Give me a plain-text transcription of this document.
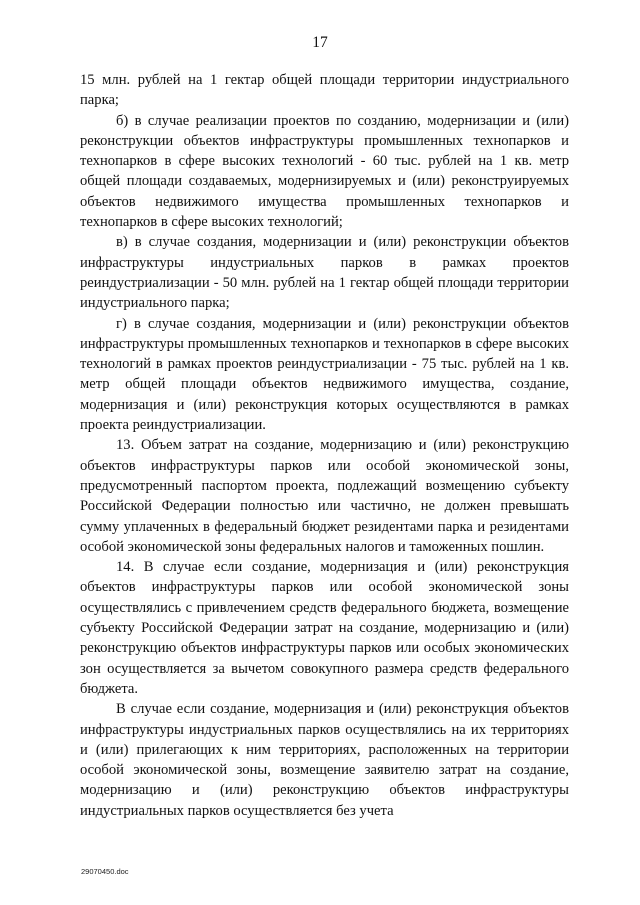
17

15 млн. рублей на 1 гектар общей площади территории индустриального парка;

б) в случае реализации проектов по созданию, модернизации и (или) реконструкции объектов инфраструктуры промышленных технопарков и технопарков в сфере высоких технологий - 60 тыс. рублей на 1 кв. метр общей площади создаваемых, модернизируемых и (или) реконструируемых объектов недвижимого имущества промышленных технопарков и технопарков в сфере высоких технологий;

в) в случае создания, модернизации и (или) реконструкции объектов инфраструктуры индустриальных парков в рамках проектов реиндустриализации - 50 млн. рублей на 1 гектар общей площади территории индустриального парка;

г) в случае создания, модернизации и (или) реконструкции объектов инфраструктуры промышленных технопарков и технопарков в сфере высоких технологий в рамках проектов реиндустриализации - 75 тыс. рублей на 1 кв. метр общей площади объектов недвижимого имущества, создание, модернизация и (или) реконструкция которых осуществляются в рамках проекта реиндустриализации.

13. Объем затрат на создание, модернизацию и (или) реконструкцию объектов инфраструктуры парков или особой экономической зоны, предусмотренный паспортом проекта, подлежащий возмещению субъекту Российской Федерации полностью или частично, не должен превышать сумму уплаченных в федеральный бюджет резидентами парка и резидентами особой экономической зоны федеральных налогов и таможенных пошлин.

14. В случае если создание, модернизация и (или) реконструкция объектов инфраструктуры парков или особой экономической зоны осуществлялись с привлечением средств федерального бюджета, возмещение субъекту Российской Федерации затрат на создание, модернизацию и (или) реконструкцию объектов инфраструктуры парков или особых экономических зон осуществляется за вычетом совокупного размера средств федерального бюджета.

В случае если создание, модернизация и (или) реконструкция объектов инфраструктуры индустриальных парков осуществлялись на их территориях и (или) прилегающих к ним территориях, расположенных на территории особой экономической зоны, возмещение заявителю затрат на создание, модернизацию и (или) реконструкцию объектов инфраструктуры индустриальных парков осуществляется без учета

29070450.doc
